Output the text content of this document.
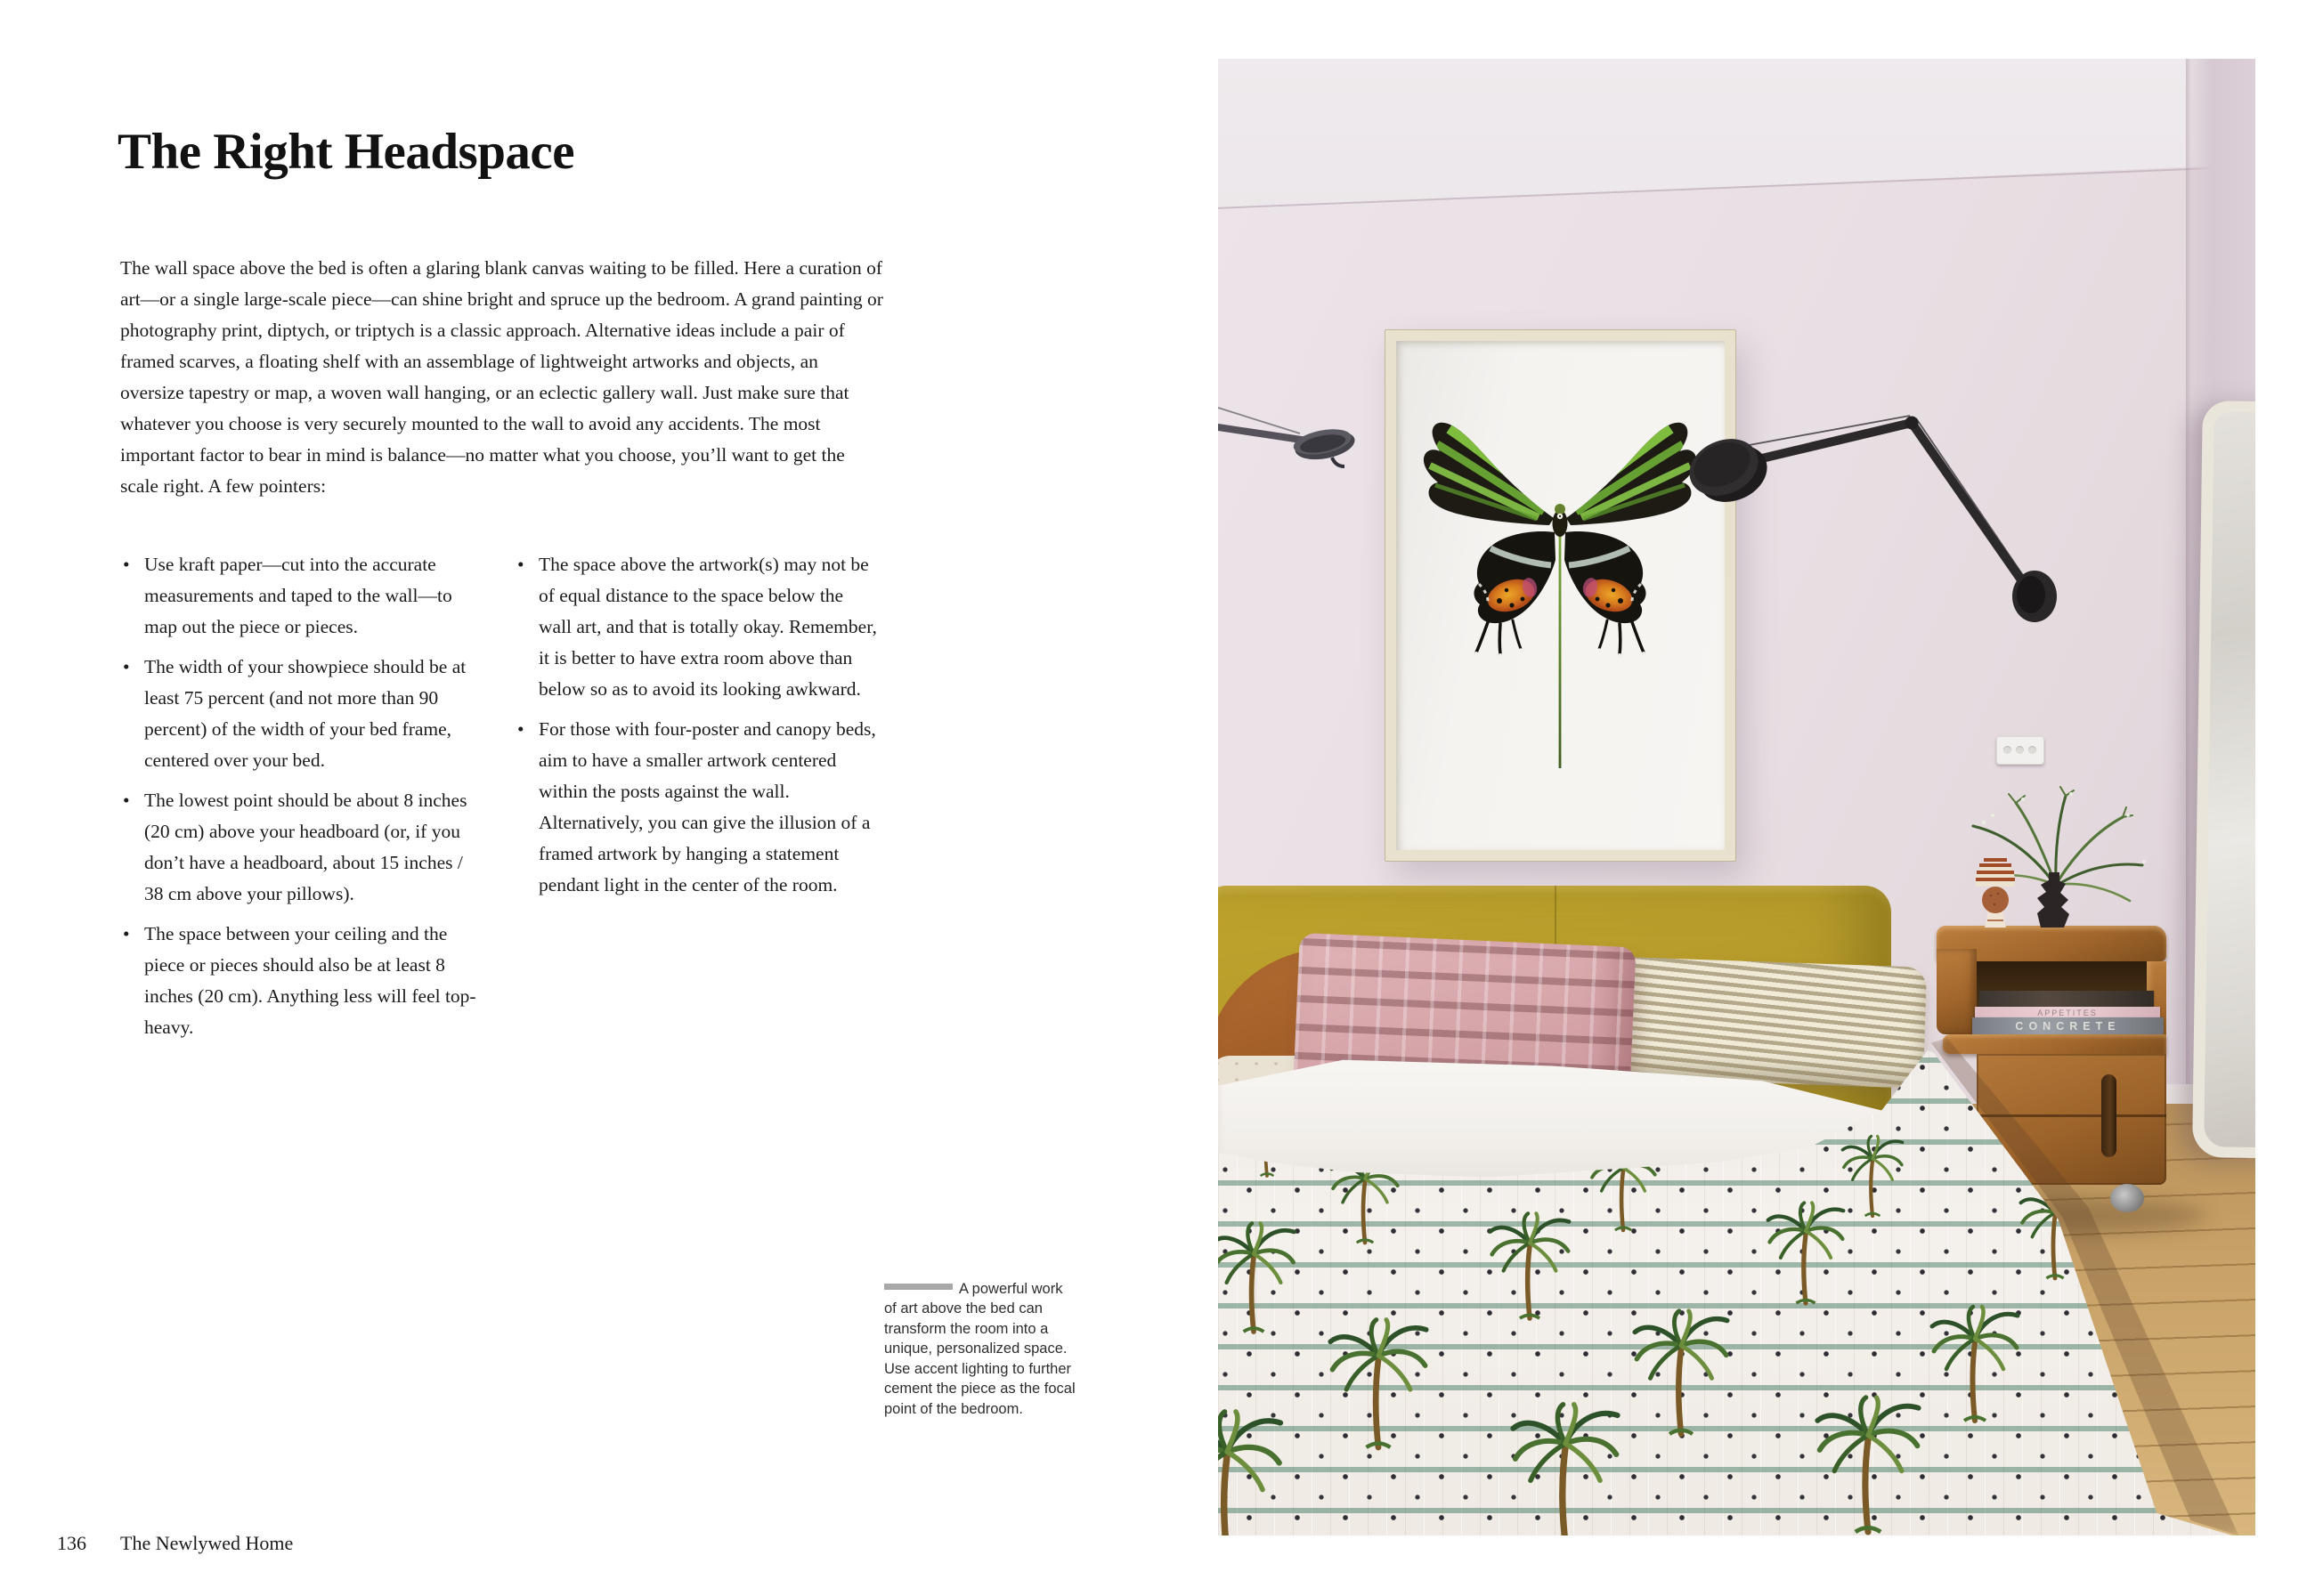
The Right Headspace

The wall space above the bed is often a glaring blank canvas waiting to be filled. Here a curation of art—or a single large-scale piece—can shine bright and spruce up the bedroom. A grand painting or photography print, diptych, or triptych is a classic approach. Alternative ideas include a pair of framed scarves, a floating shelf with an assemblage of lightweight artworks and objects, an oversize tapestry or map, a woven wall hanging, or an eclectic gallery wall. Just make sure that whatever you choose is very securely mounted to the wall to avoid any accidents. The most important factor to bear in mind is balance—no matter what you choose, you’ll want to get the scale right. A few pointers:

• Use kraft paper—cut into the accurate measurements and taped to the wall—to map out the piece or pieces.
• The width of your showpiece should be at least 75 percent (and not more than 90 percent) of the width of your bed frame, centered over your bed.
• The lowest point should be about 8 inches (20 cm) above your headboard (or, if you don’t have a headboard, about 15 inches / 38 cm above your pillows).
• The space between your ceiling and the piece or pieces should also be at least 8 inches (20 cm). Anything less will feel top-heavy.
• The space above the artwork(s) may not be of equal distance to the space below the wall art, and that is totally okay. Remember, it is better to have extra room above than below so as to avoid its looking awkward.
• For those with four-poster and canopy beds, aim to have a smaller artwork centered within the posts against the wall. Alternatively, you can give the illusion of a framed artwork by hanging a statement pendant light in the center of the room.

A powerful work of art above the bed can transform the room into a unique, personalized space. Use accent lighting to further cement the piece as the focal point of the bedroom.

136 The Newlywed Home
APPETITES
CONCRETE
